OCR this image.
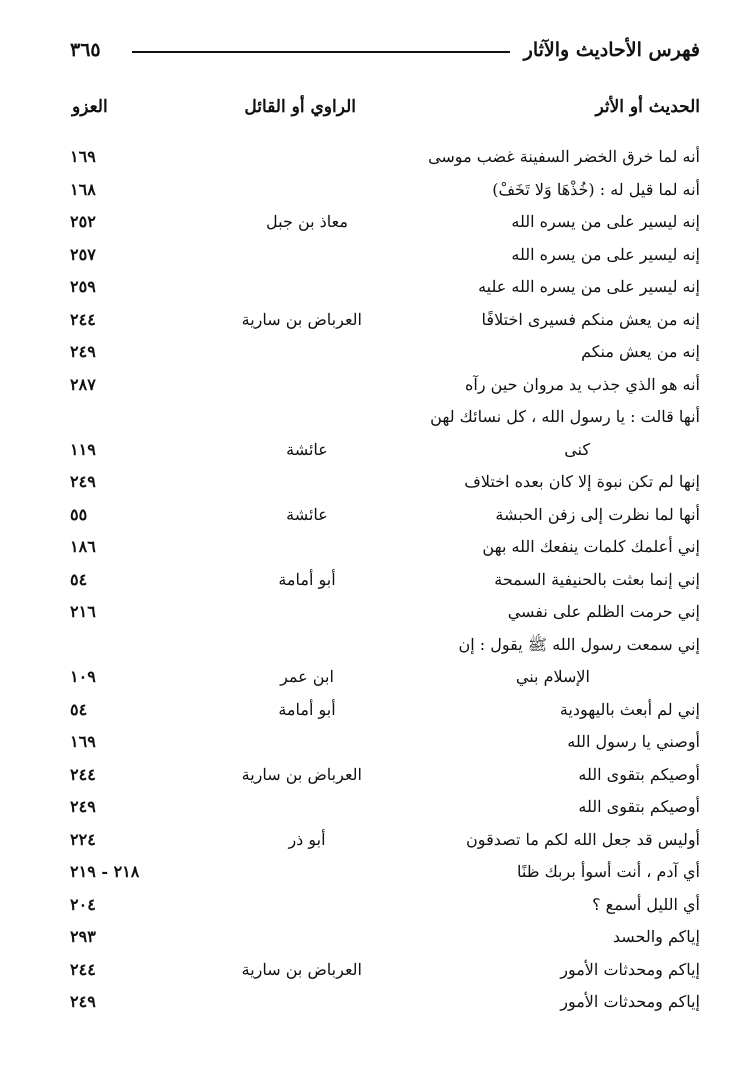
فهرس الأحاديث والآثار
٣٦٥
الحديث أو الأثر
الراوي أو القائل
العزو
أنه لما خرق الخضر السفينة غضب موسى
١٦٩
أنه لما قيل له : (خُذْهَا وَلا تَخَفْ)
١٦٨
إنه ليسير على من يسره الله
معاذ بن جبل
٢٥٢
إنه ليسير على من يسره الله
٢٥٧
إنه ليسير على من يسره الله عليه
٢٥٩
إنه من يعش منكم فسيرى اختلافًا
العرباض بن سارية
٢٤٤
إنه من يعش منكم
٢٤٩
أنه هو الذي جذب يد مروان حين رآه
٢٨٧
أنها قالت : يا رسول الله ، كل نسائك لهن
كنى
عائشة
١١٩
إنها لم تكن نبوة إلا كان بعده اختلاف
٢٤٩
أنها لما نظرت إلى زفن الحبشة
عائشة
٥٥
إني أعلمك كلمات ينفعك الله بهن
١٨٦
إني إنما بعثت بالحنيفية السمحة
أبو أمامة
٥٤
إني حرمت الظلم على نفسي
٢١٦
إني سمعت رسول الله ﷺ يقول : إن
الإسلام بني
ابن عمر
١٠٩
إني لم أبعث باليهودية
أبو أمامة
٥٤
أوصني يا رسول الله
١٦٩
أوصيكم بتقوى الله
العرباض بن سارية
٢٤٤
أوصيكم بتقوى الله
٢٤٩
أوليس قد جعل الله لكم ما تصدقون
أبو ذر
٢٢٤
أي آدم ، أنت أسوأ بربك ظنًا
٢١٨ - ٢١٩
أي الليل أسمع ؟
٢٠٤
إياكم والحسد
٢٩٣
إياكم ومحدثات الأمور
العرباض بن سارية
٢٤٤
إياكم ومحدثات الأمور
٢٤٩
